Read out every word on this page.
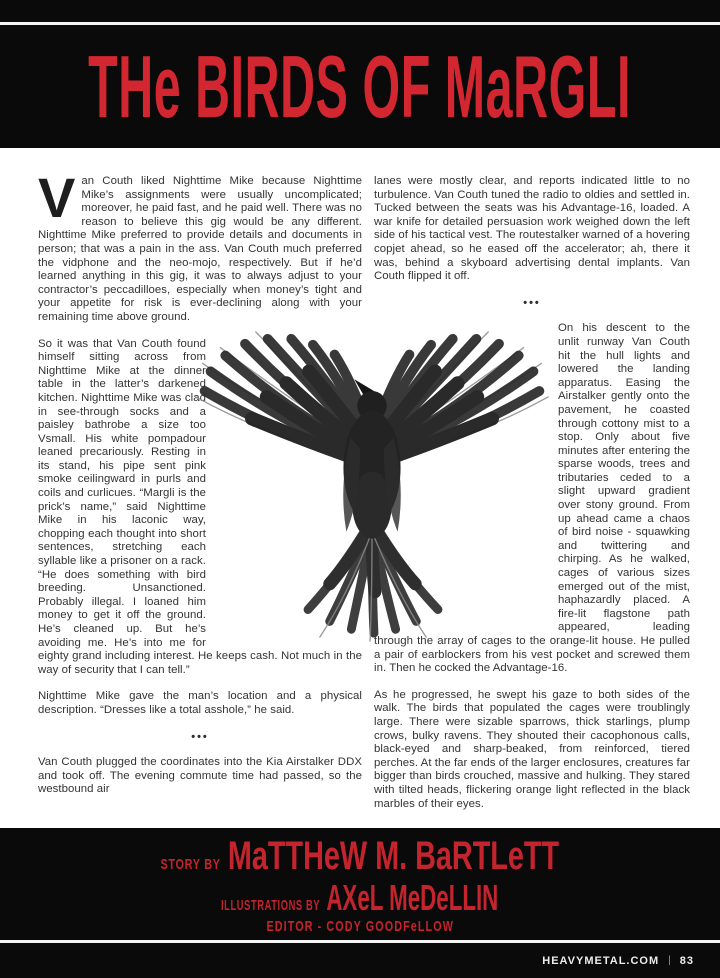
THe BIRDS OF MaRGLI

Van Couth liked Nighttime Mike because Nighttime Mike’s assignments were usually uncomplicated; moreover, he paid fast, and he paid well. There was no reason to believe this gig would be any different. Nighttime Mike preferred to provide details and documents in person; that was a pain in the ass. Van Couth much preferred the vidphone and the neo-mojo, respectively. But if he’d learned anything in this gig, it was to always adjust to your contractor’s peccadilloes, especially when money’s tight and your appetite for risk is ever-declining along with your remaining time above ground.

So it was that Van Couth found himself sitting across from Nighttime Mike at the dinner table in the latter’s darkened kitchen. Nighttime Mike was clad in see-through socks and a paisley bathrobe a size too Vsmall. His white pompadour leaned precariously. Resting in its stand, his pipe sent pink smoke ceilingward in purls and coils and curlicues. “Margli is the prick’s name,” said Nighttime Mike in his laconic way, chopping each thought into short sentences, stretching each syllable like a prisoner on a rack. “He does something with bird breeding. Unsanctioned. Probably illegal. I loaned him money to get it off the ground. He’s cleaned up. But he’s avoiding me. He’s into me for eighty grand including interest. He keeps cash. Not much in the way of security that I can tell.”

Nighttime Mike gave the man’s location and a physical description. “Dresses like a total asshole,” he said.

•••

Van Couth plugged the coordinates into the Kia Airstalker DDX and took off. The evening commute time had passed, so the westbound air

lanes were mostly clear, and reports indicated little to no turbulence. Van Couth tuned the radio to oldies and settled in. Tucked between the seats was his Advantage-16, loaded. A war knife for detailed persuasion work weighed down the left side of his tactical vest. The routestalker warned of a hovering copjet ahead, so he eased off the accelerator; ah, there it was, behind a skyboard advertising dental implants. Van Couth flipped it off.

•••

On his descent to the unlit runway Van Couth hit the hull lights and lowered the landing apparatus. Easing the Airstalker gently onto the pavement, he coasted through cottony mist to a stop. Only about five minutes after entering the sparse woods, trees and tributaries ceded to a slight upward gradient over stony ground. From up ahead came a chaos of bird noise - squawking and twittering and chirping. As he walked, cages of various sizes emerged out of the mist, haphazardly placed. A fire-lit flagstone path appeared, leading through the array of cages to the orange-lit house. He pulled a pair of earblockers from his vest pocket and screwed them in. Then he cocked the Advantage-16.

As he progressed, he swept his gaze to both sides of the walk. The birds that populated the cages were troublingly large. There were sizable sparrows, thick starlings, plump crows, bulky ravens. They shouted their cacophonous calls, black-eyed and sharp-beaked, from reinforced, tiered perches. At the far ends of the larger enclosures, creatures far bigger than birds crouched, massive and hulking. They stared with tilted heads, flickering orange light reflected in the black marbles of their eyes.

STORY BY MaTTHeW M. BaRTLeTT
ILLUSTRATIONS BY AXeL MeDeLLIN
EDITOR - CODY GOODFeLLOW
HEAVYMETAL.COM | 83
